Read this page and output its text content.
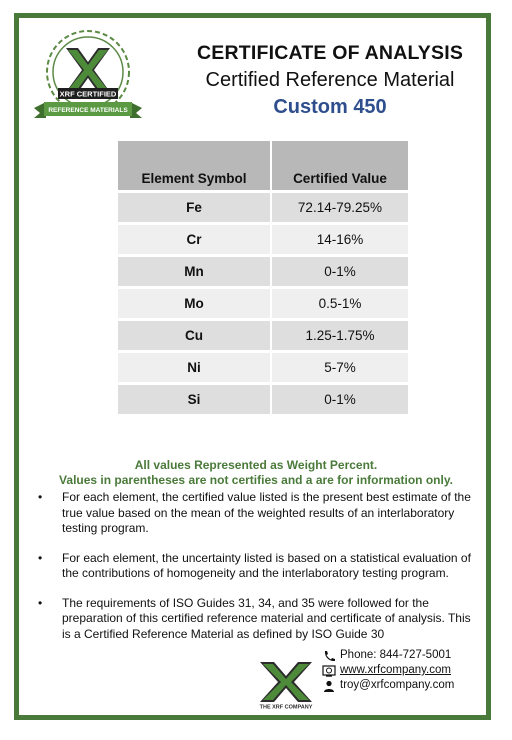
XRF CERTIFIED
REFERENCE MATERIALS
CERTIFICATE OF ANALYSIS
Certified Reference Material
Custom 450
Element Symbol	Certified Value
Fe	72.14-79.25%
Cr	14-16%
Mn	0-1%
Mo	0.5-1%
Cu	1.25-1.75%
Ni	5-7%
Si	0-1%
All values Represented as Weight Percent.
Values in parentheses are not certifies and a are for information only.
• For each element, the certified value listed is the present best estimate of the true value based on the mean of the weighted results of an interlaboratory testing program.
• For each element, the uncertainty listed is based on a statistical evaluation of the contributions of homogeneity and the interlaboratory testing program.
• The requirements of ISO Guides 31, 34, and 35 were followed for the preparation of this certified reference material and certificate of analysis. This is a Certified Reference Material as defined by ISO Guide 30
THE XRF COMPANY
Phone: 844-727-5001
www.xrfcompany.com
troy@xrfcompany.com
